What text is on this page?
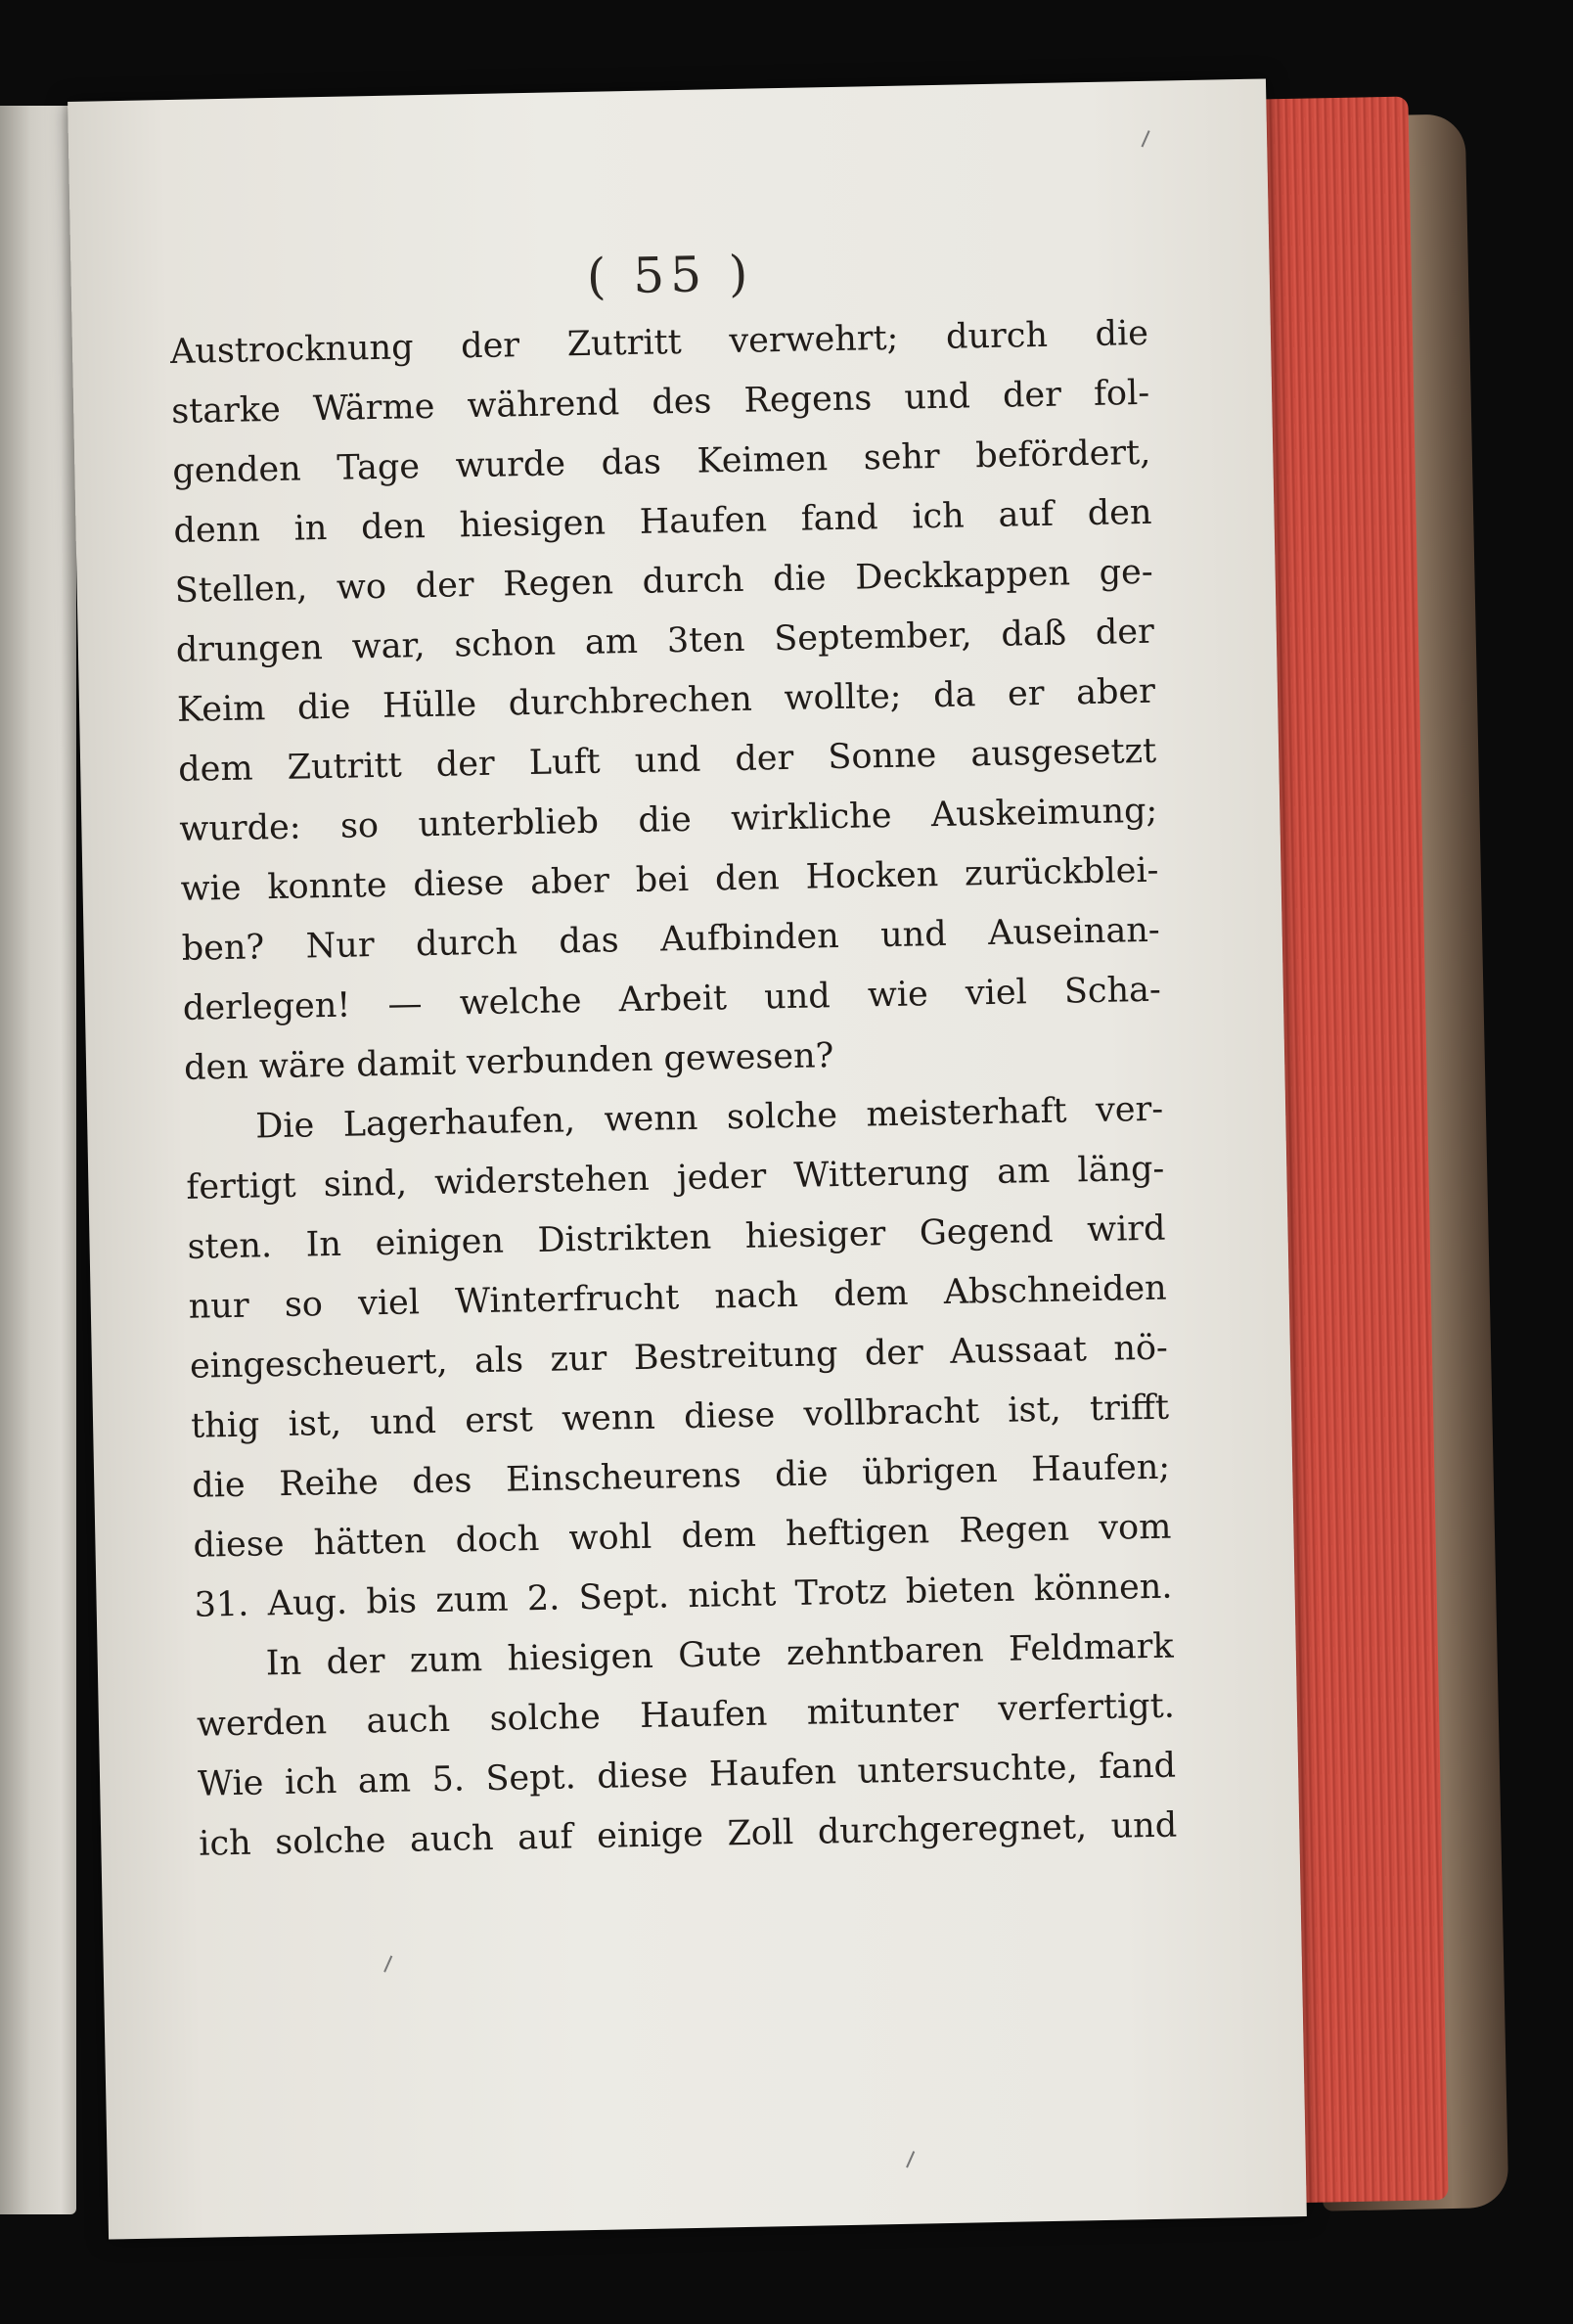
( 55 )
Austrocknung der Zutritt verwehrt; durch die
starke Wärme während des Regens und der fol-
genden Tage wurde das Keimen sehr befördert,
denn in den hiesigen Haufen fand ich auf den
Stellen, wo der Regen durch die Deckkappen ge-
drungen war, schon am 3ten September, daß der
Keim die Hülle durchbrechen wollte; da er aber
dem Zutritt der Luft und der Sonne ausgesetzt
wurde: so unterblieb die wirkliche Auskeimung;
wie konnte diese aber bei den Hocken zurückblei-
ben? Nur durch das Aufbinden und Auseinan-
derlegen! — welche Arbeit und wie viel Scha-
den wäre damit verbunden gewesen?
Die Lagerhaufen, wenn solche meisterhaft ver-
fertigt sind, widerstehen jeder Witterung am läng-
sten. In einigen Distrikten hiesiger Gegend wird
nur so viel Winterfrucht nach dem Abschneiden
eingescheuert, als zur Bestreitung der Aussaat nö-
thig ist, und erst wenn diese vollbracht ist, trifft
die Reihe des Einscheurens die übrigen Haufen;
diese hätten doch wohl dem heftigen Regen vom
31. Aug. bis zum 2. Sept. nicht Trotz bieten können.
In der zum hiesigen Gute zehntbaren Feldmark
werden auch solche Haufen mitunter verfertigt.
Wie ich am 5. Sept. diese Haufen untersuchte, fand
ich solche auch auf einige Zoll durchgeregnet, und
